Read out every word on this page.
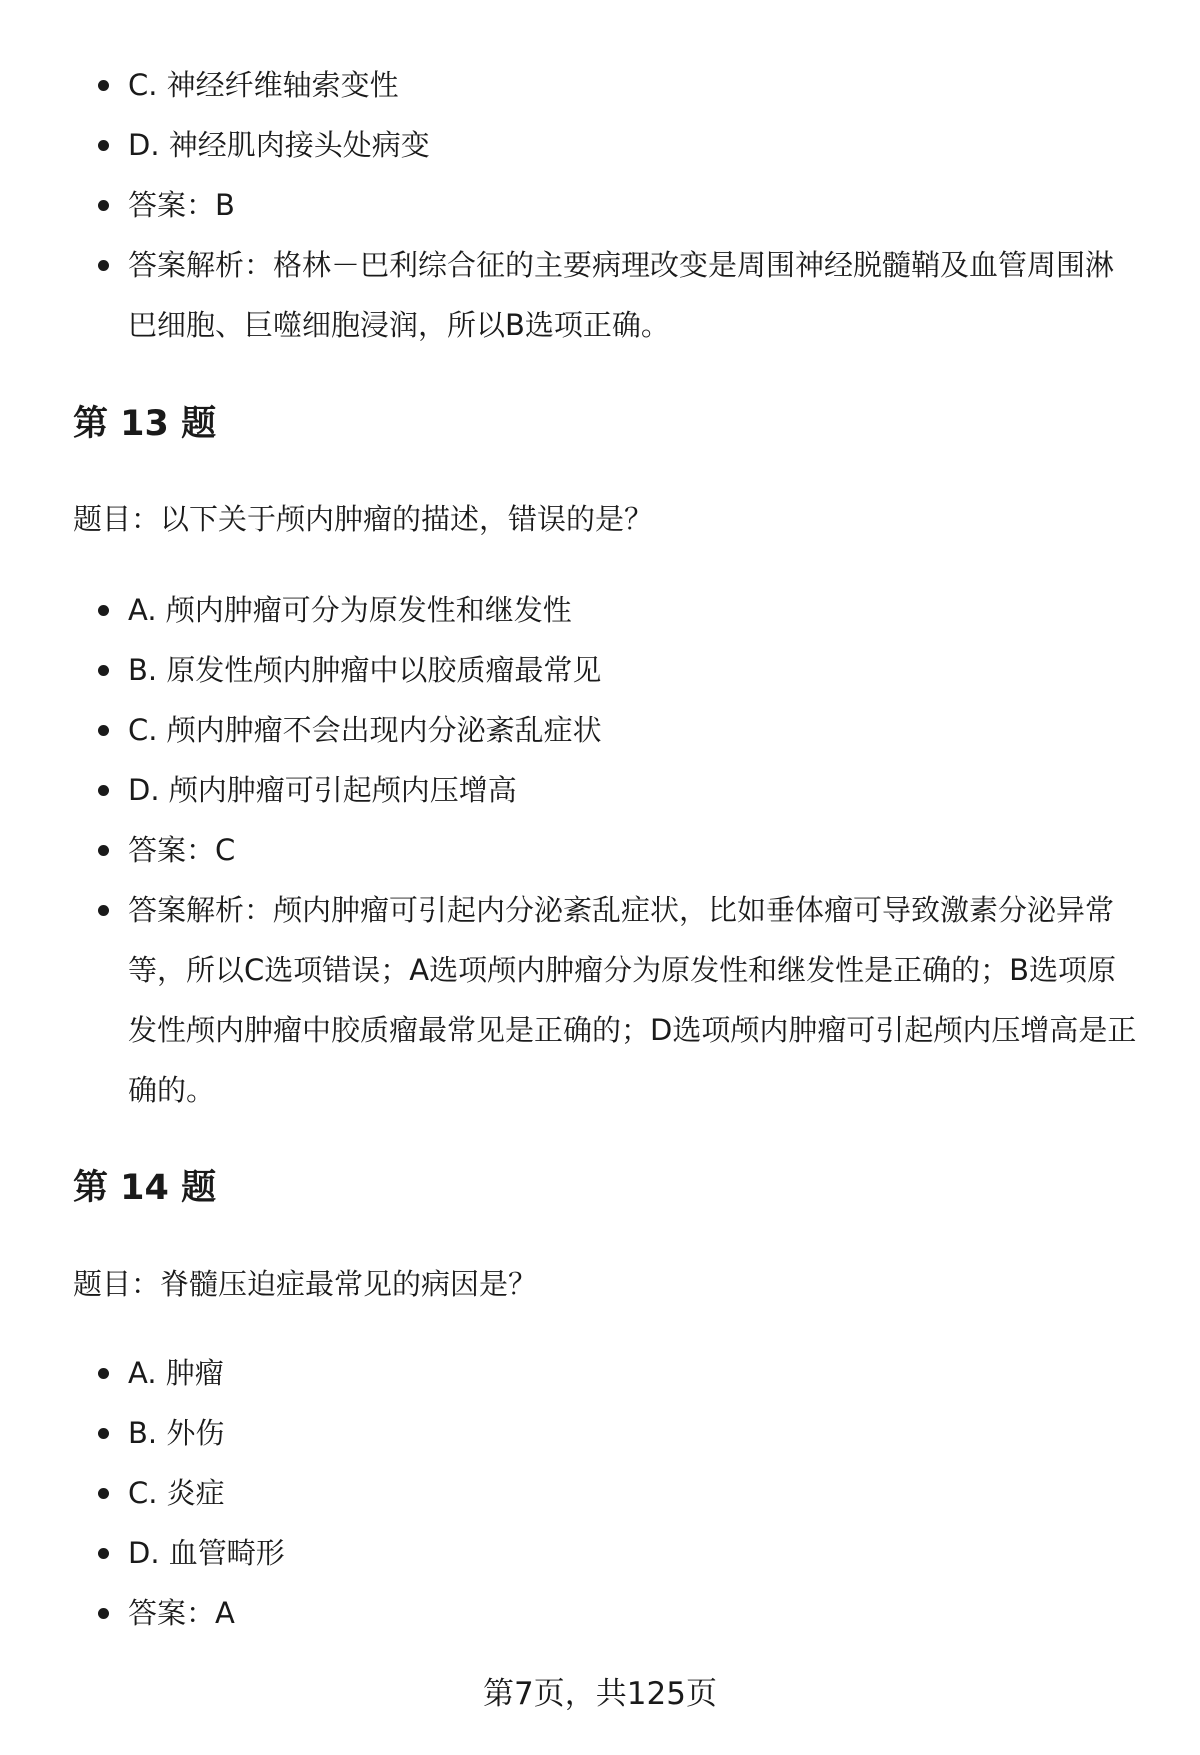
C. 神经纤维轴索变性
D. 神经肌肉接头处病变
答案：B
答案解析：格林－巴利综合征的主要病理改变是周围神经脱髓鞘及血管周围淋巴细胞、巨噬细胞浸润，所以B选项正确。
第 13 题
题目：以下关于颅内肿瘤的描述，错误的是？
A. 颅内肿瘤可分为原发性和继发性
B. 原发性颅内肿瘤中以胶质瘤最常见
C. 颅内肿瘤不会出现内分泌紊乱症状
D. 颅内肿瘤可引起颅内压增高
答案：C
答案解析：颅内肿瘤可引起内分泌紊乱症状，比如垂体瘤可导致激素分泌异常等，所以C选项错误；A选项颅内肿瘤分为原发性和继发性是正确的；B选项原发性颅内肿瘤中胶质瘤最常见是正确的；D选项颅内肿瘤可引起颅内压增高是正确的。
第 14 题
题目：脊髓压迫症最常见的病因是？
A. 肿瘤
B. 外伤
C. 炎症
D. 血管畸形
答案：A
第7页，共125页
